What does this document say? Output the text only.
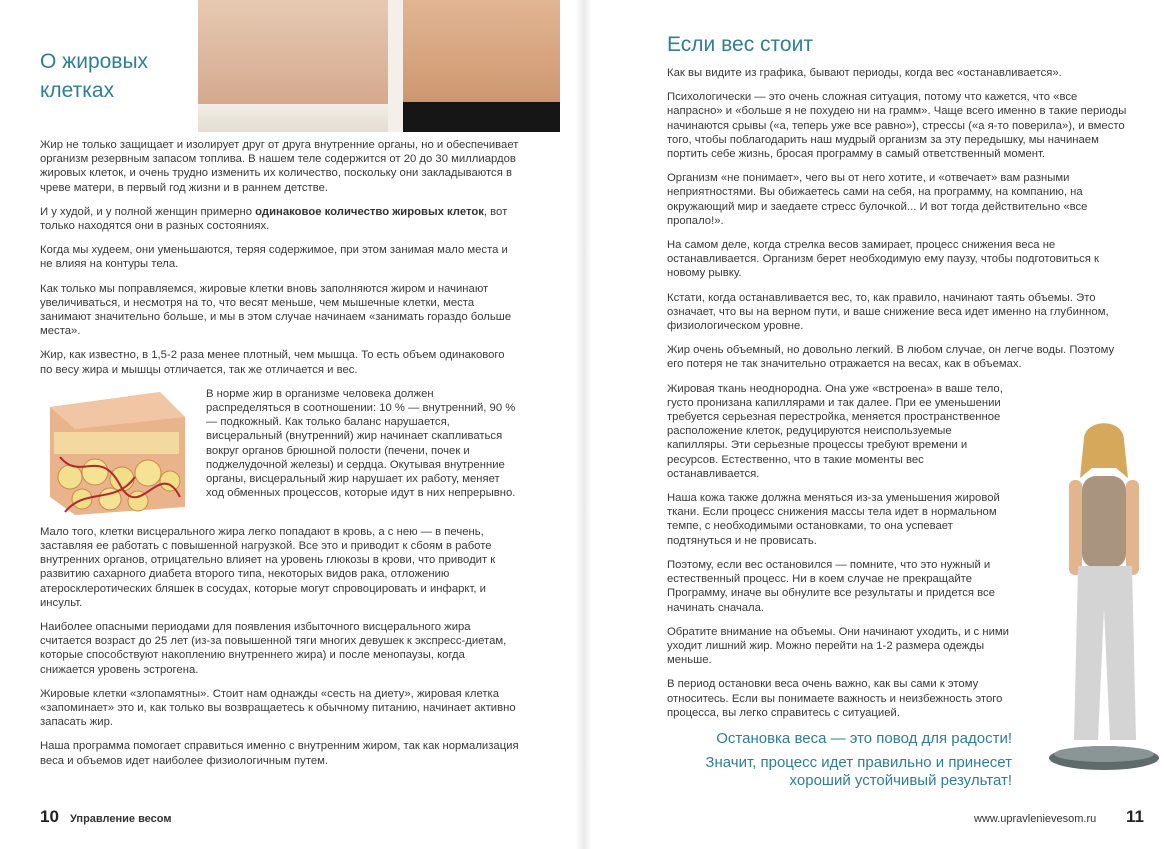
О жировых клетках

Жир не только защищает и изолирует друг от друга внутренние органы, но и обеспечивает организм резервным запасом топлива. В нашем теле содержится от 20 до 30 миллиардов жировых клеток, и очень трудно изменить их количество, поскольку они закладываются в чреве матери, в первый год жизни и в раннем детстве.

И у худой, и у полной женщин примерно одинаковое количество жировых клеток, вот только находятся они в разных состояниях.

Когда мы худеем, они уменьшаются, теряя содержимое, при этом занимая мало места и не влияя на контуры тела.

Как только мы поправляемся, жировые клетки вновь заполняются жиром и начинают увеличиваться, и несмотря на то, что весят меньше, чем мышечные клетки, места занимают значительно больше, и мы в этом случае начинаем «занимать гораздо больше места».

Жир, как известно, в 1,5-2 раза менее плотный, чем мышца. То есть объем одинакового по весу жира и мышцы отличается, так же отличается и вес.

В норме жир в организме человека должен распределяться в соотношении: 10 % — внутренний, 90 % — подкожный. Как только баланс нарушается, висцеральный (внутренний) жир начинает скапливаться вокруг органов брюшной полости (печени, почек и поджелудочной железы) и сердца. Окутывая внутренние органы, висцеральный жир нарушает их работу, меняет ход обменных процессов, которые идут в них непрерывно.

Мало того, клетки висцерального жира легко попадают в кровь, а с нею — в печень, заставляя ее работать с повышенной нагрузкой. Все это и приводит к сбоям в работе внутренних органов, отрицательно влияет на уровень глюкозы в крови, что приводит к развитию сахарного диабета второго типа, некоторых видов рака, отложению атеросклеротических бляшек в сосудах, которые могут спровоцировать и инфаркт, и инсульт.

Наиболее опасными периодами для появления избыточного висцерального жира считается возраст до 25 лет (из-за повышенной тяги многих девушек к экспресс-диетам, которые способствуют накоплению внутреннего жира) и после менопаузы, когда снижается уровень эстрогена.

Жировые клетки «злопамятны». Стоит нам однажды «сесть на диету», жировая клетка «запоминает» это и, как только вы возвращаетесь к обычному питанию, начинает активно запасать жир.

Наша программа помогает справиться именно с внутренним жиром, так как нормализация веса и объемов идет наиболее физиологичным путем.

10 Управление весом
Если вес стоит

Как вы видите из графика, бывают периоды, когда вес «останавливается».

Психологически — это очень сложная ситуация, потому что кажется, что «все напрасно» и «больше я не похудею ни на грамм». Чаще всего именно в такие периоды начинаются срывы («а, теперь уже все равно»), стрессы («а я-то поверила»), и вместо того, чтобы поблагодарить наш мудрый организм за эту передышку, мы начинаем портить себе жизнь, бросая программу в самый ответственный момент.

Организм «не понимает», чего вы от него хотите, и «отвечает» вам разными неприятностями. Вы обижаетесь сами на себя, на программу, на компанию, на окружающий мир и заедаете стресс булочкой... И вот тогда действительно «все пропало!».

На самом деле, когда стрелка весов замирает, процесс снижения веса не останавливается. Организм берет необходимую ему паузу, чтобы подготовиться к новому рывку.

Кстати, когда останавливается вес, то, как правило, начинают таять объемы. Это означает, что вы на верном пути, и ваше снижение веса идет именно на глубинном, физиологическом уровне.

Жир очень объемный, но довольно легкий. В любом случае, он легче воды. Поэтому его потеря не так значительно отражается на весах, как в объемах.

Жировая ткань неоднородна. Она уже «встроена» в ваше тело, густо пронизана капиллярами и так далее. При ее уменьшении требуется серьезная перестройка, меняется пространственное расположение клеток, редуцируются неиспользуемые капилляры. Эти серьезные процессы требуют времени и ресурсов. Естественно, что в такие моменты вес останавливается.

Наша кожа также должна меняться из-за уменьшения жировой ткани. Если процесс снижения массы тела идет в нормальном темпе, с необходимыми остановками, то она успевает подтянуться и не провисать.

Поэтому, если вес остановился — помните, что это нужный и естественный процесс. Ни в коем случае не прекращайте Программу, иначе вы обнулите все результаты и придется все начинать сначала.

Обратите внимание на объемы. Они начинают уходить, и с ними уходит лишний жир. Можно перейти на 1-2 размера одежды меньше.

В период остановки веса очень важно, как вы сами к этому относитесь. Если вы понимаете важность и неизбежность этого процесса, вы легко справитесь с ситуацией.

Остановка веса — это повод для радости!
Значит, процесс идет правильно и принесет хороший устойчивый результат!
www.upravlenievesom.ru 11
